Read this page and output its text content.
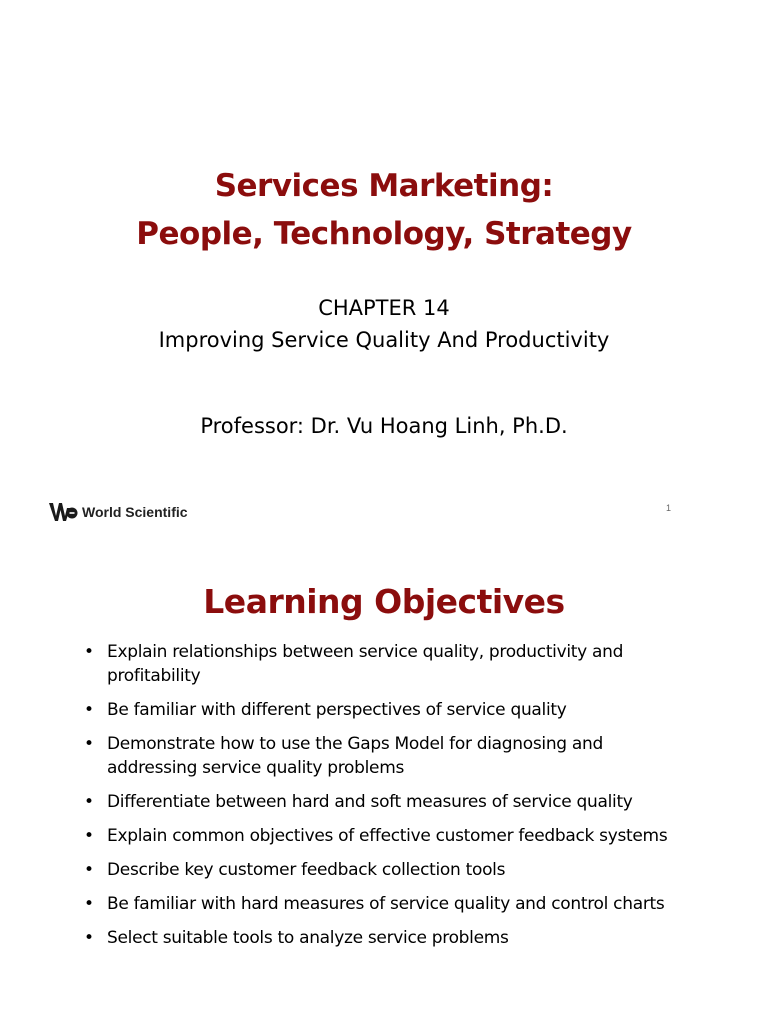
Services Marketing:
People, Technology, Strategy
CHAPTER 14
Improving Service Quality And Productivity
Professor: Dr. Vu Hoang Linh, Ph.D.
World Scientific	1
Learning Objectives
• Explain relationships between service quality, productivity and profitability
• Be familiar with different perspectives of service quality
• Demonstrate how to use the Gaps Model for diagnosing and addressing service quality problems
• Differentiate between hard and soft measures of service quality
• Explain common objectives of effective customer feedback systems
• Describe key customer feedback collection tools
• Be familiar with hard measures of service quality and control charts
• Select suitable tools to analyze service problems
